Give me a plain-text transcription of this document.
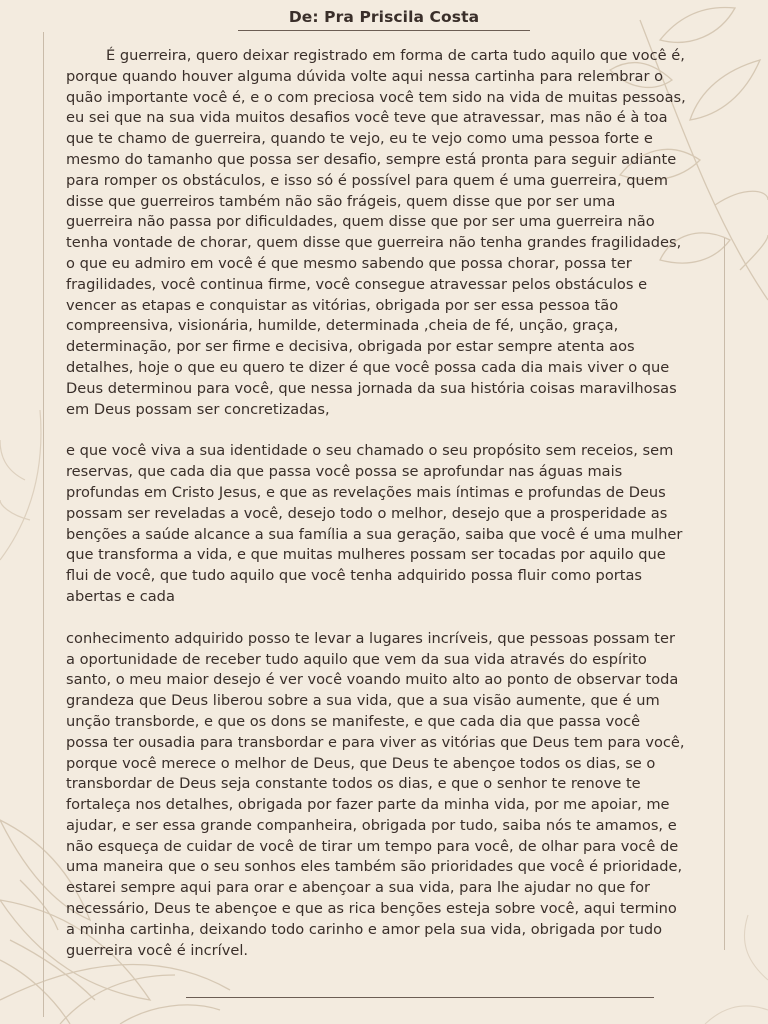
De: Pra Priscila Costa

É guerreira, quero deixar registrado em forma de carta tudo aquilo que você é, porque quando houver alguma dúvida volte aqui nessa cartinha para relembrar o quão importante você é, e o com preciosa você tem sido na vida de muitas pessoas, eu sei que na sua vida muitos desafios você teve que atravessar, mas não é à toa que te chamo de guerreira, quando te vejo, eu te vejo como uma pessoa forte e mesmo do tamanho que possa ser desafio, sempre está pronta para seguir adiante para romper os obstáculos, e isso só é possível para quem é uma guerreira, quem disse que guerreiros também não são frágeis, quem disse que por ser uma guerreira não passa por dificuldades, quem disse que por ser uma guerreira não tenha vontade de chorar, quem disse que guerreira não tenha grandes fragilidades, o que eu admiro em você é que mesmo sabendo que possa chorar, possa ter fragilidades, você continua firme, você consegue atravessar pelos obstáculos e vencer as etapas e conquistar as vitórias, obrigada por ser essa pessoa tão compreensiva, visionária, humilde, determinada ,cheia de fé, unção, graça, determinação, por ser firme e decisiva, obrigada por estar sempre atenta aos detalhes, hoje o que eu quero te dizer é que você possa cada dia mais viver o que Deus determinou para você, que nessa jornada da sua história coisas maravilhosas em Deus possam ser concretizadas,

e que você viva a sua identidade o seu chamado o seu propósito sem receios, sem reservas, que cada dia que passa você possa se aprofundar nas águas mais profundas em Cristo Jesus, e que as revelações mais íntimas e profundas de Deus possam ser reveladas a você, desejo todo o melhor, desejo que a prosperidade as benções a saúde alcance a sua família a sua geração, saiba que você é uma mulher que transforma a vida, e que muitas mulheres possam ser tocadas por aquilo que flui de você, que tudo aquilo que você tenha adquirido possa fluir como portas abertas e cada

conhecimento adquirido posso te levar a lugares incríveis, que pessoas possam ter a oportunidade de receber tudo aquilo que vem da sua vida através do espírito santo, o meu maior desejo é ver você voando muito alto ao ponto de observar toda grandeza que Deus liberou sobre a sua vida, que a sua visão aumente, que é um unção transborde, e que os dons se manifeste, e que cada dia que passa você possa ter ousadia para transbordar e para viver as vitórias que Deus tem para você, porque você merece o melhor de Deus, que Deus te abençoe todos os dias, se o transbordar de Deus seja constante todos os dias, e que o senhor te renove te fortaleça nos detalhes, obrigada por fazer parte da minha vida, por me apoiar, me ajudar, e ser essa grande companheira, obrigada por tudo, saiba nós te amamos, e não esqueça de cuidar de você de tirar um tempo para você, de olhar para você de uma maneira que o seu sonhos eles também são prioridades que você é prioridade, estarei sempre aqui para orar e abençoar a sua vida, para lhe ajudar no que for necessário, Deus te abençoe e que as rica benções esteja sobre você, aqui termino a minha cartinha, deixando todo carinho e amor pela sua vida, obrigada por tudo guerreira você é incrível.
